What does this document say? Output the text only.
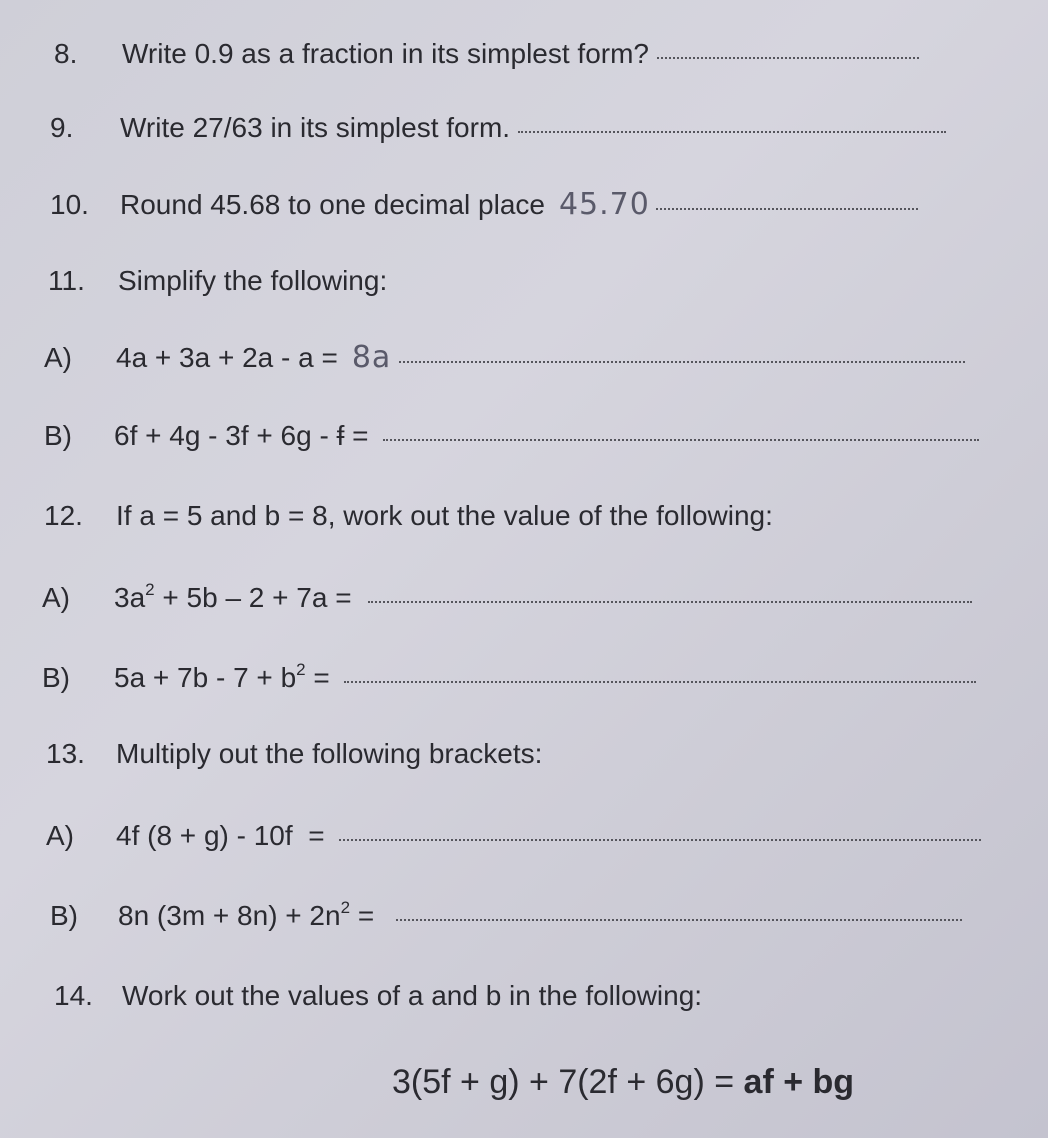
8.	Write 0.9 as a fraction in its simplest form?
9.	Write 27/63 in its simplest form.
10.	Round 45.68 to one decimal place 45.70
11.	Simplify the following:
A)	4a + 3a + 2a - a = 8a
B)	6f + 4g - 3f + 6g - f =
12.	If a = 5 and b = 8, work out the value of the following:
A)	$3a^2 + 5b - 2 + 7a$ =
B)	$5a + 7b - 7 + b^2$ =
13.	Multiply out the following brackets:
A)	4f (8 + g) - 10f  =
B)	8n $(3m + 8n) + 2n^2$ =
14.	Work out the values of a and b in the following:
3(5f + g) + 7(2f + 6g) = af + bg
